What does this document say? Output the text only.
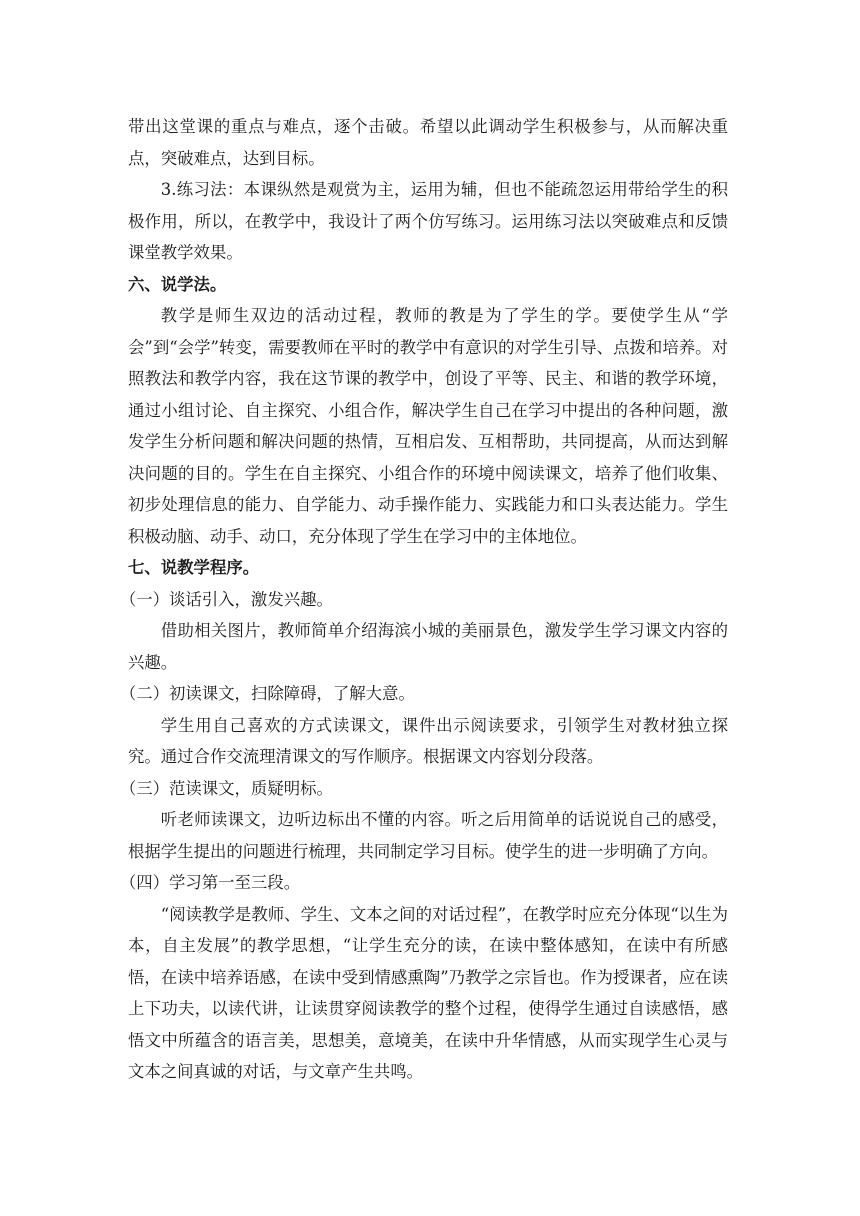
带出这堂课的重点与难点，逐个击破。希望以此调动学生积极参与，从而解决重点，突破难点，达到目标。

3.练习法：本课纵然是观赏为主，运用为辅，但也不能疏忽运用带给学生的积极作用，所以，在教学中，我设计了两个仿写练习。运用练习法以突破难点和反馈课堂教学效果。

六、说学法。

教学是师生双边的活动过程，教师的教是为了学生的学。要使学生从“学会”到“会学”转变，需要教师在平时的教学中有意识的对学生引导、点拨和培养。对照教法和教学内容，我在这节课的教学中，创设了平等、民主、和谐的教学环境，通过小组讨论、自主探究、小组合作，解决学生自己在学习中提出的各种问题，激发学生分析问题和解决问题的热情，互相启发、互相帮助，共同提高，从而达到解决问题的目的。学生在自主探究、小组合作的环境中阅读课文，培养了他们收集、初步处理信息的能力、自学能力、动手操作能力、实践能力和口头表达能力。学生积极动脑、动手、动口，充分体现了学生在学习中的主体地位。

七、说教学程序。

（一）谈话引入，激发兴趣。

借助相关图片，教师简单介绍海滨小城的美丽景色，激发学生学习课文内容的兴趣。

（二）初读课文，扫除障碍，了解大意。

学生用自己喜欢的方式读课文，课件出示阅读要求，引领学生对教材独立探究。通过合作交流理清课文的写作顺序。根据课文内容划分段落。

（三）范读课文，质疑明标。

听老师读课文，边听边标出不懂的内容。听之后用简单的话说说自己的感受，根据学生提出的问题进行梳理，共同制定学习目标。使学生的进一步明确了方向。

（四）学习第一至三段。

“阅读教学是教师、学生、文本之间的对话过程”，在教学时应充分体现“以生为本，自主发展”的教学思想，“让学生充分的读，在读中整体感知，在读中有所感悟，在读中培养语感，在读中受到情感熏陶”乃教学之宗旨也。作为授课者，应在读上下功夫，以读代讲，让读贯穿阅读教学的整个过程，使得学生通过自读感悟，感悟文中所蕴含的语言美，思想美，意境美，在读中升华情感，从而实现学生心灵与文本之间真诚的对话，与文章产生共鸣。
